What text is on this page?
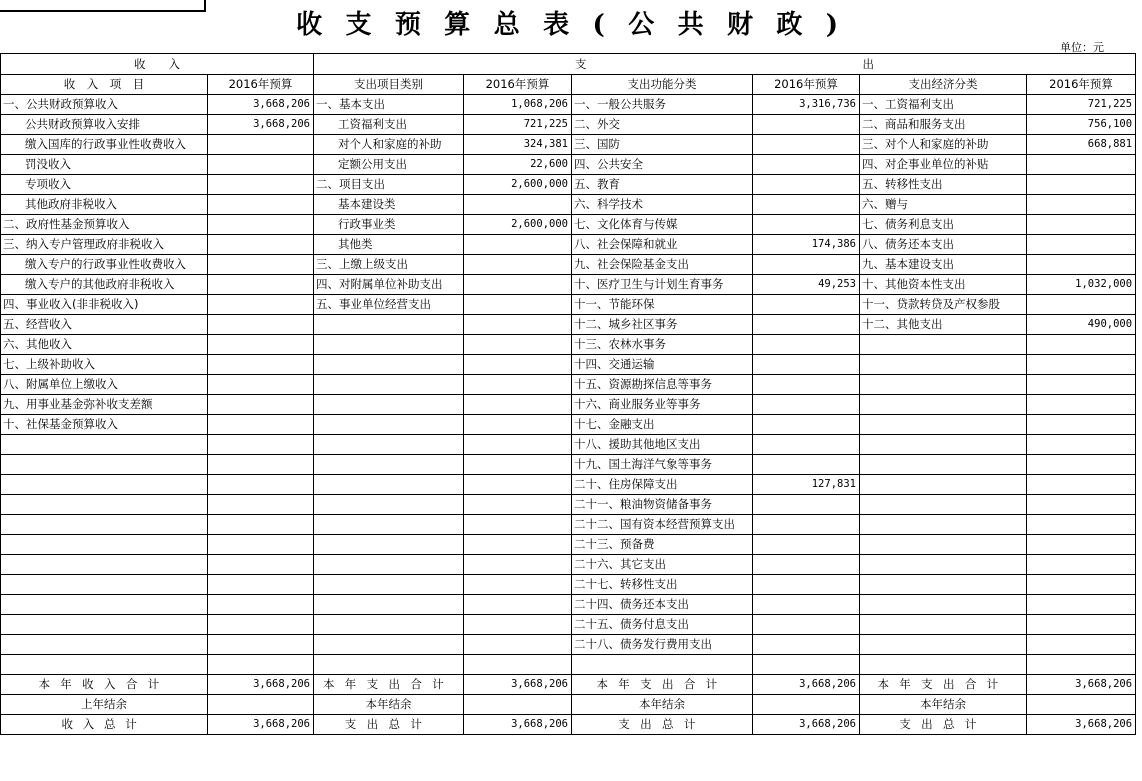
收支预算总表(公共财政)
单位：元
收　　入		支　　　　　　　　　　　　　　　　　　　　　　　　出					
收　入　项　目	2016年预算	支出项目类别	2016年预算	支出功能分类	2016年预算	支出经济分类	2016年预算
一、公共财政预算收入	3,668,206	一、基本支出	1,068,206	一、一般公共服务	3,316,736	一、工资福利支出	721,225
公共财政预算收入安排	3,668,206	工资福利支出	721,225	二、外交		二、商品和服务支出	756,100
缴入国库的行政事业性收费收入		对个人和家庭的补助	324,381	三、国防		三、对个人和家庭的补助	668,881
罚没收入		定额公用支出	22,600	四、公共安全		四、对企事业单位的补贴	
专项收入		二、项目支出	2,600,000	五、教育		五、转移性支出	
其他政府非税收入		基本建设类		六、科学技术		六、赠与	
二、政府性基金预算收入		行政事业类	2,600,000	七、文化体育与传媒		七、债务利息支出	
三、纳入专户管理政府非税收入		其他类		八、社会保障和就业	174,386	八、债务还本支出	
缴入专户的行政事业性收费收入		三、上缴上级支出		九、社会保险基金支出		九、基本建设支出	
缴入专户的其他政府非税收入		四、对附属单位补助支出		十、医疗卫生与计划生育事务	49,253	十、其他资本性支出	1,032,000
四、事业收入(非非税收入)		五、事业单位经营支出		十一、节能环保		十一、贷款转贷及产权参股	
五、经营收入				十二、城乡社区事务		十二、其他支出	490,000
六、其他收入				十三、农林水事务			
七、上级补助收入				十四、交通运输			
八、附属单位上缴收入				十五、资源勘探信息等事务			
九、用事业基金弥补收支差额				十六、商业服务业等事务			
十、社保基金预算收入				十七、金融支出			
				十八、援助其他地区支出			
				十九、国土海洋气象等事务			
				二十、住房保障支出	127,831		
				二十一、粮油物资储备事务			
				二十二、国有资本经营预算支出			
				二十三、预备费			
				二十六、其它支出			
				二十七、转移性支出			
				二十四、债务还本支出			
				二十五、债务付息支出			
				二十八、债务发行费用支出			

本年收入合计	3,668,206	本年支出合计	3,668,206	本年支出合计	3,668,206	本年支出合计	3,668,206
上年结余		本年结余		本年结余		本年结余	
收入总计	3,668,206	支出总计	3,668,206	支出总计	3,668,206	支出总计	3,668,206
